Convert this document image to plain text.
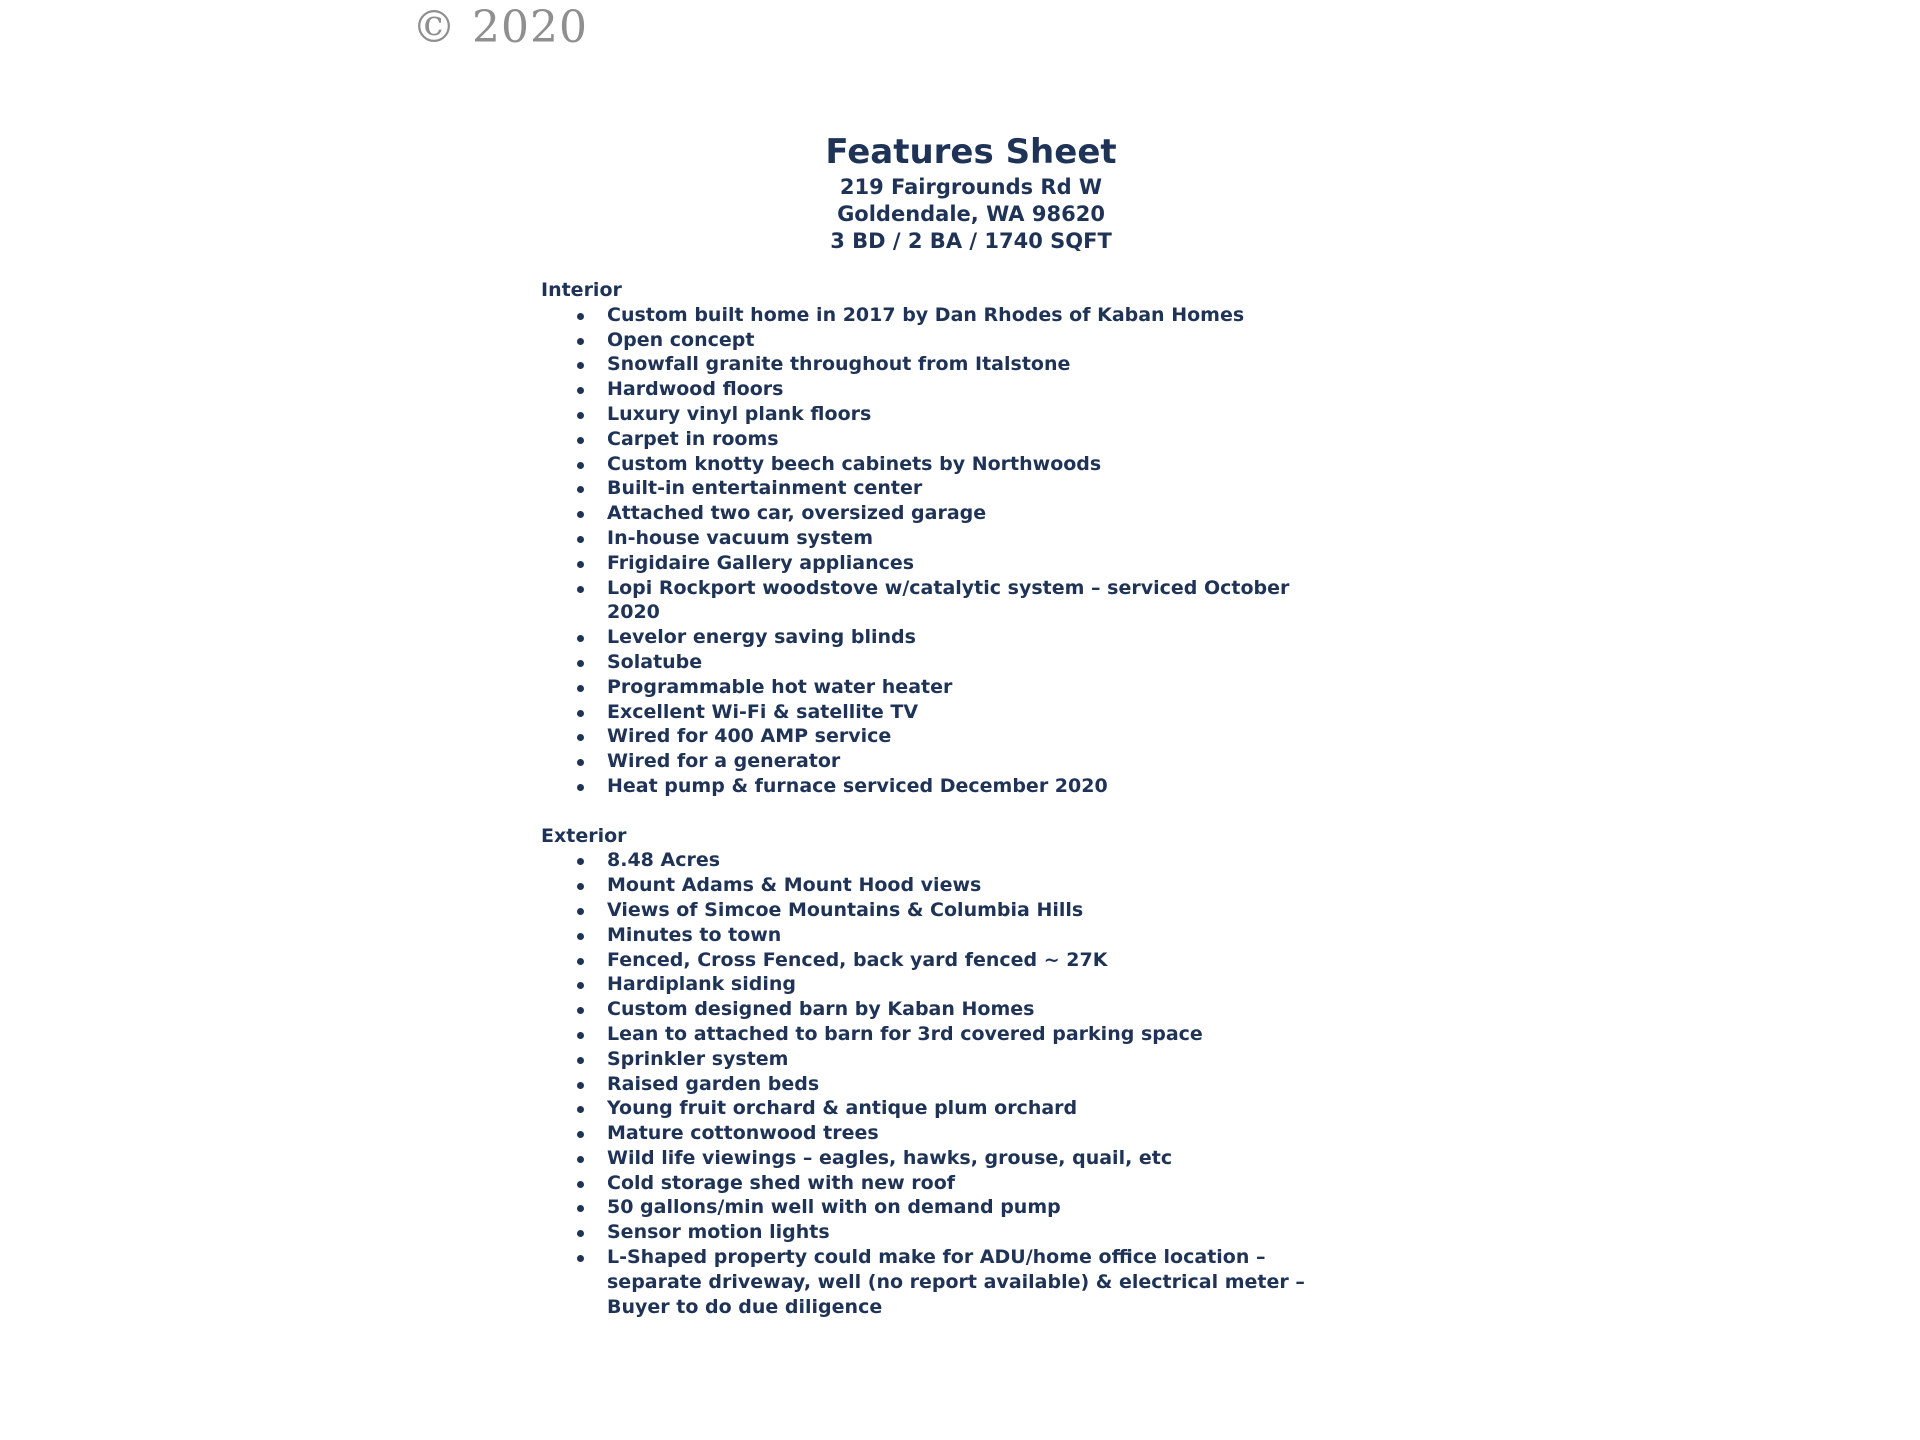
© 2020
Features Sheet
219 Fairgrounds Rd W
Goldendale, WA 98620
3 BD / 2 BA / 1740 SQFT
Interior
Custom built home in 2017 by Dan Rhodes of Kaban Homes
Open concept
Snowfall granite throughout from Italstone
Hardwood floors
Luxury vinyl plank floors
Carpet in rooms
Custom knotty beech cabinets by Northwoods
Built-in entertainment center
Attached two car, oversized garage
In-house vacuum system
Frigidaire Gallery appliances
Lopi Rockport woodstove w/catalytic system – serviced October 2020
Levelor energy saving blinds
Solatube
Programmable hot water heater
Excellent Wi-Fi & satellite TV
Wired for 400 AMP service
Wired for a generator
Heat pump & furnace serviced December 2020
Exterior
8.48 Acres
Mount Adams & Mount Hood views
Views of Simcoe Mountains & Columbia Hills
Minutes to town
Fenced, Cross Fenced, back yard fenced ~ 27K
Hardiplank siding
Custom designed barn by Kaban Homes
Lean to attached to barn for 3rd covered parking space
Sprinkler system
Raised garden beds
Young fruit orchard & antique plum orchard
Mature cottonwood trees
Wild life viewings – eagles, hawks, grouse, quail, etc
Cold storage shed with new roof
50 gallons/min well with on demand pump
Sensor motion lights
L-Shaped property could make for ADU/home office location – separate driveway, well (no report available) & electrical meter – Buyer to do due diligence
